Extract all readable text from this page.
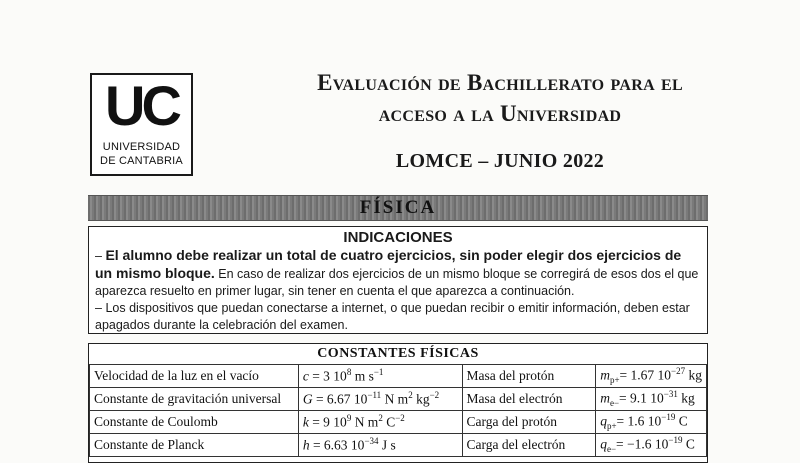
UC
UNIVERSIDAD
DE CANTABRIA
Evaluación de Bachillerato para el
acceso a la Universidad
LOMCE – JUNIO 2022
FÍSICA
INDICACIONES

– El alumno debe realizar un total de cuatro ejercicios, sin poder elegir dos ejercicios de un mismo bloque. En caso de realizar dos ejercicios de un mismo bloque se corregirá de esos dos el que aparezca resuelto en primer lugar, sin tener en cuenta el que aparezca a continuación.

– Los dispositivos que puedan conectarse a internet, o que puedan recibir o emitir información, deben estar apagados durante la celebración del examen.

CONSTANTES FÍSICAS
Velocidad de la luz en el vacío	c = 3 $10^8$ m $s^{-1}$	Masa del protón	$m_{p+}= 1.67$ $10^{-27}$ kg
Constante de gravitación universal	G = 6.67 $10^{-11}$ N $m^2$ $kg^{-2}$	Masa del electrón	$m_{e-}= 9.1$ $10^{-31}$ kg
Constante de Coulomb	k = 9 $10^9$ N $m^2$ $C^{-2}$	Carga del protón	$q_{p+}= 1.6$ $10^{-19}$ C
Constante de Planck	h = 6.63 $10^{-34}$ J s	Carga del electrón	$q_{e-}= -1.6$ $10^{-19}$ C
